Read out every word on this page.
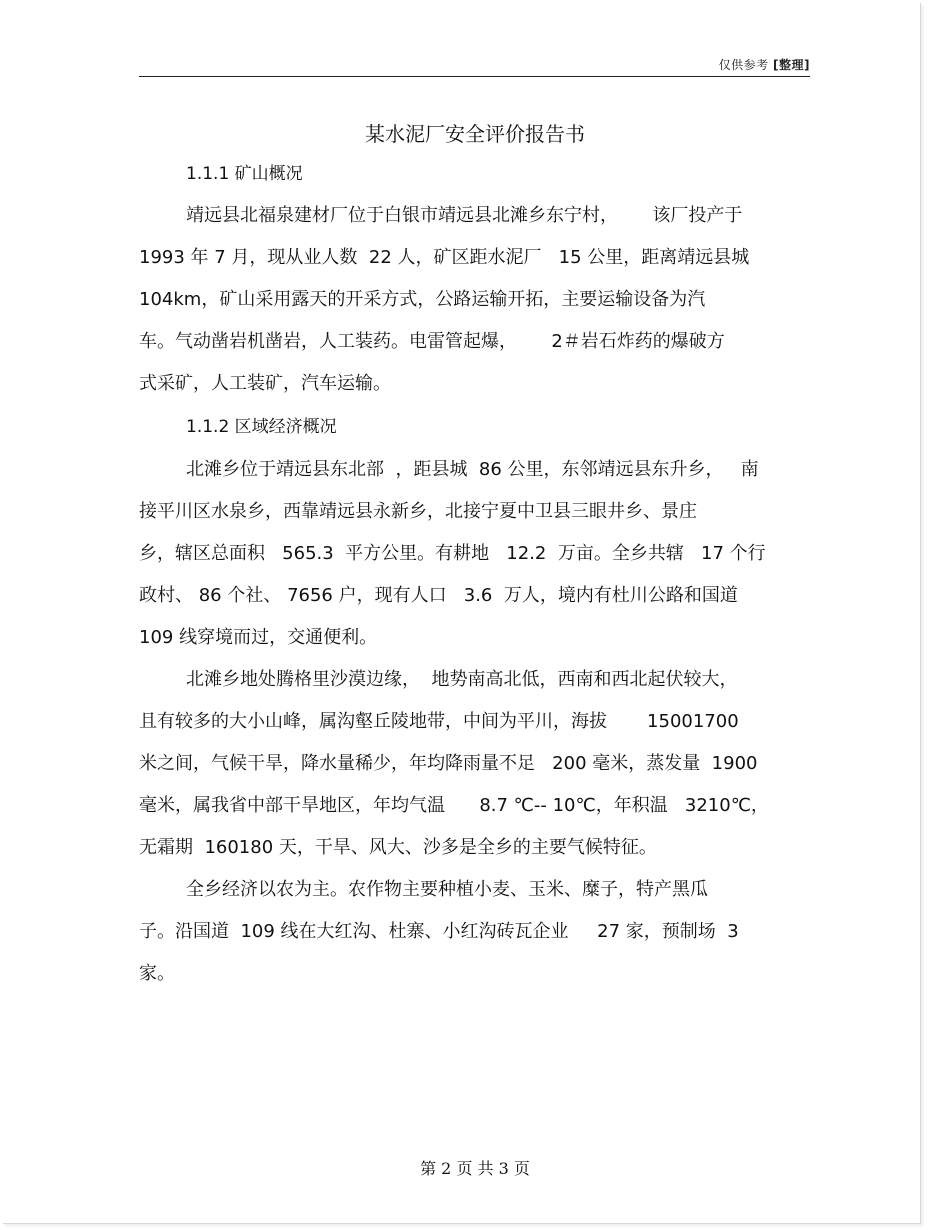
仅供参考 [整理]
某水泥厂安全评价报告书
1.1.1 矿山概况
靖远县北福泉建材厂位于白银市靖远县北滩乡东宁村，      该厂投产于
1993 年 7 月，现从业人数  22 人，矿区距水泥厂   15 公里，距离靖远县城
104km，矿山采用露天的开采方式，公路运输开拓，主要运输设备为汽
车。气动凿岩机凿岩，人工装药。电雷管起爆，      2＃岩石炸药的爆破方
式采矿，人工装矿，汽车运输。
1.1.2 区域经济概况
北滩乡位于靖远县东北部  ，距县城  86 公里，东邻靖远县东升乡，   南
接平川区水泉乡，西靠靖远县永新乡，北接宁夏中卫县三眼井乡、景庄
乡，辖区总面积   565.3  平方公里。有耕地   12.2  万亩。全乡共辖   17 个行
政村、 86 个社、 7656 户，现有人口   3.6  万人，境内有杜川公路和国道
109 线穿境而过，交通便利。
北滩乡地处腾格里沙漠边缘，  地势南高北低，西南和西北起伏较大，
且有较多的大小山峰，属沟壑丘陵地带，中间为平川，海拔       15001700
米之间，气候干旱，降水量稀少，年均降雨量不足   200 毫米，蒸发量  1900
毫米，属我省中部干旱地区，年均气温      8.7 ℃-- 10℃，年积温   3210℃，
无霜期  160180 天，干旱、风大、沙多是全乡的主要气候特征。
全乡经济以农为主。农作物主要种植小麦、玉米、糜子，特产黑瓜
子。沿国道  109 线在大红沟、杜寨、小红沟砖瓦企业     27 家，预制场  3
家。
第 2 页 共 3 页
